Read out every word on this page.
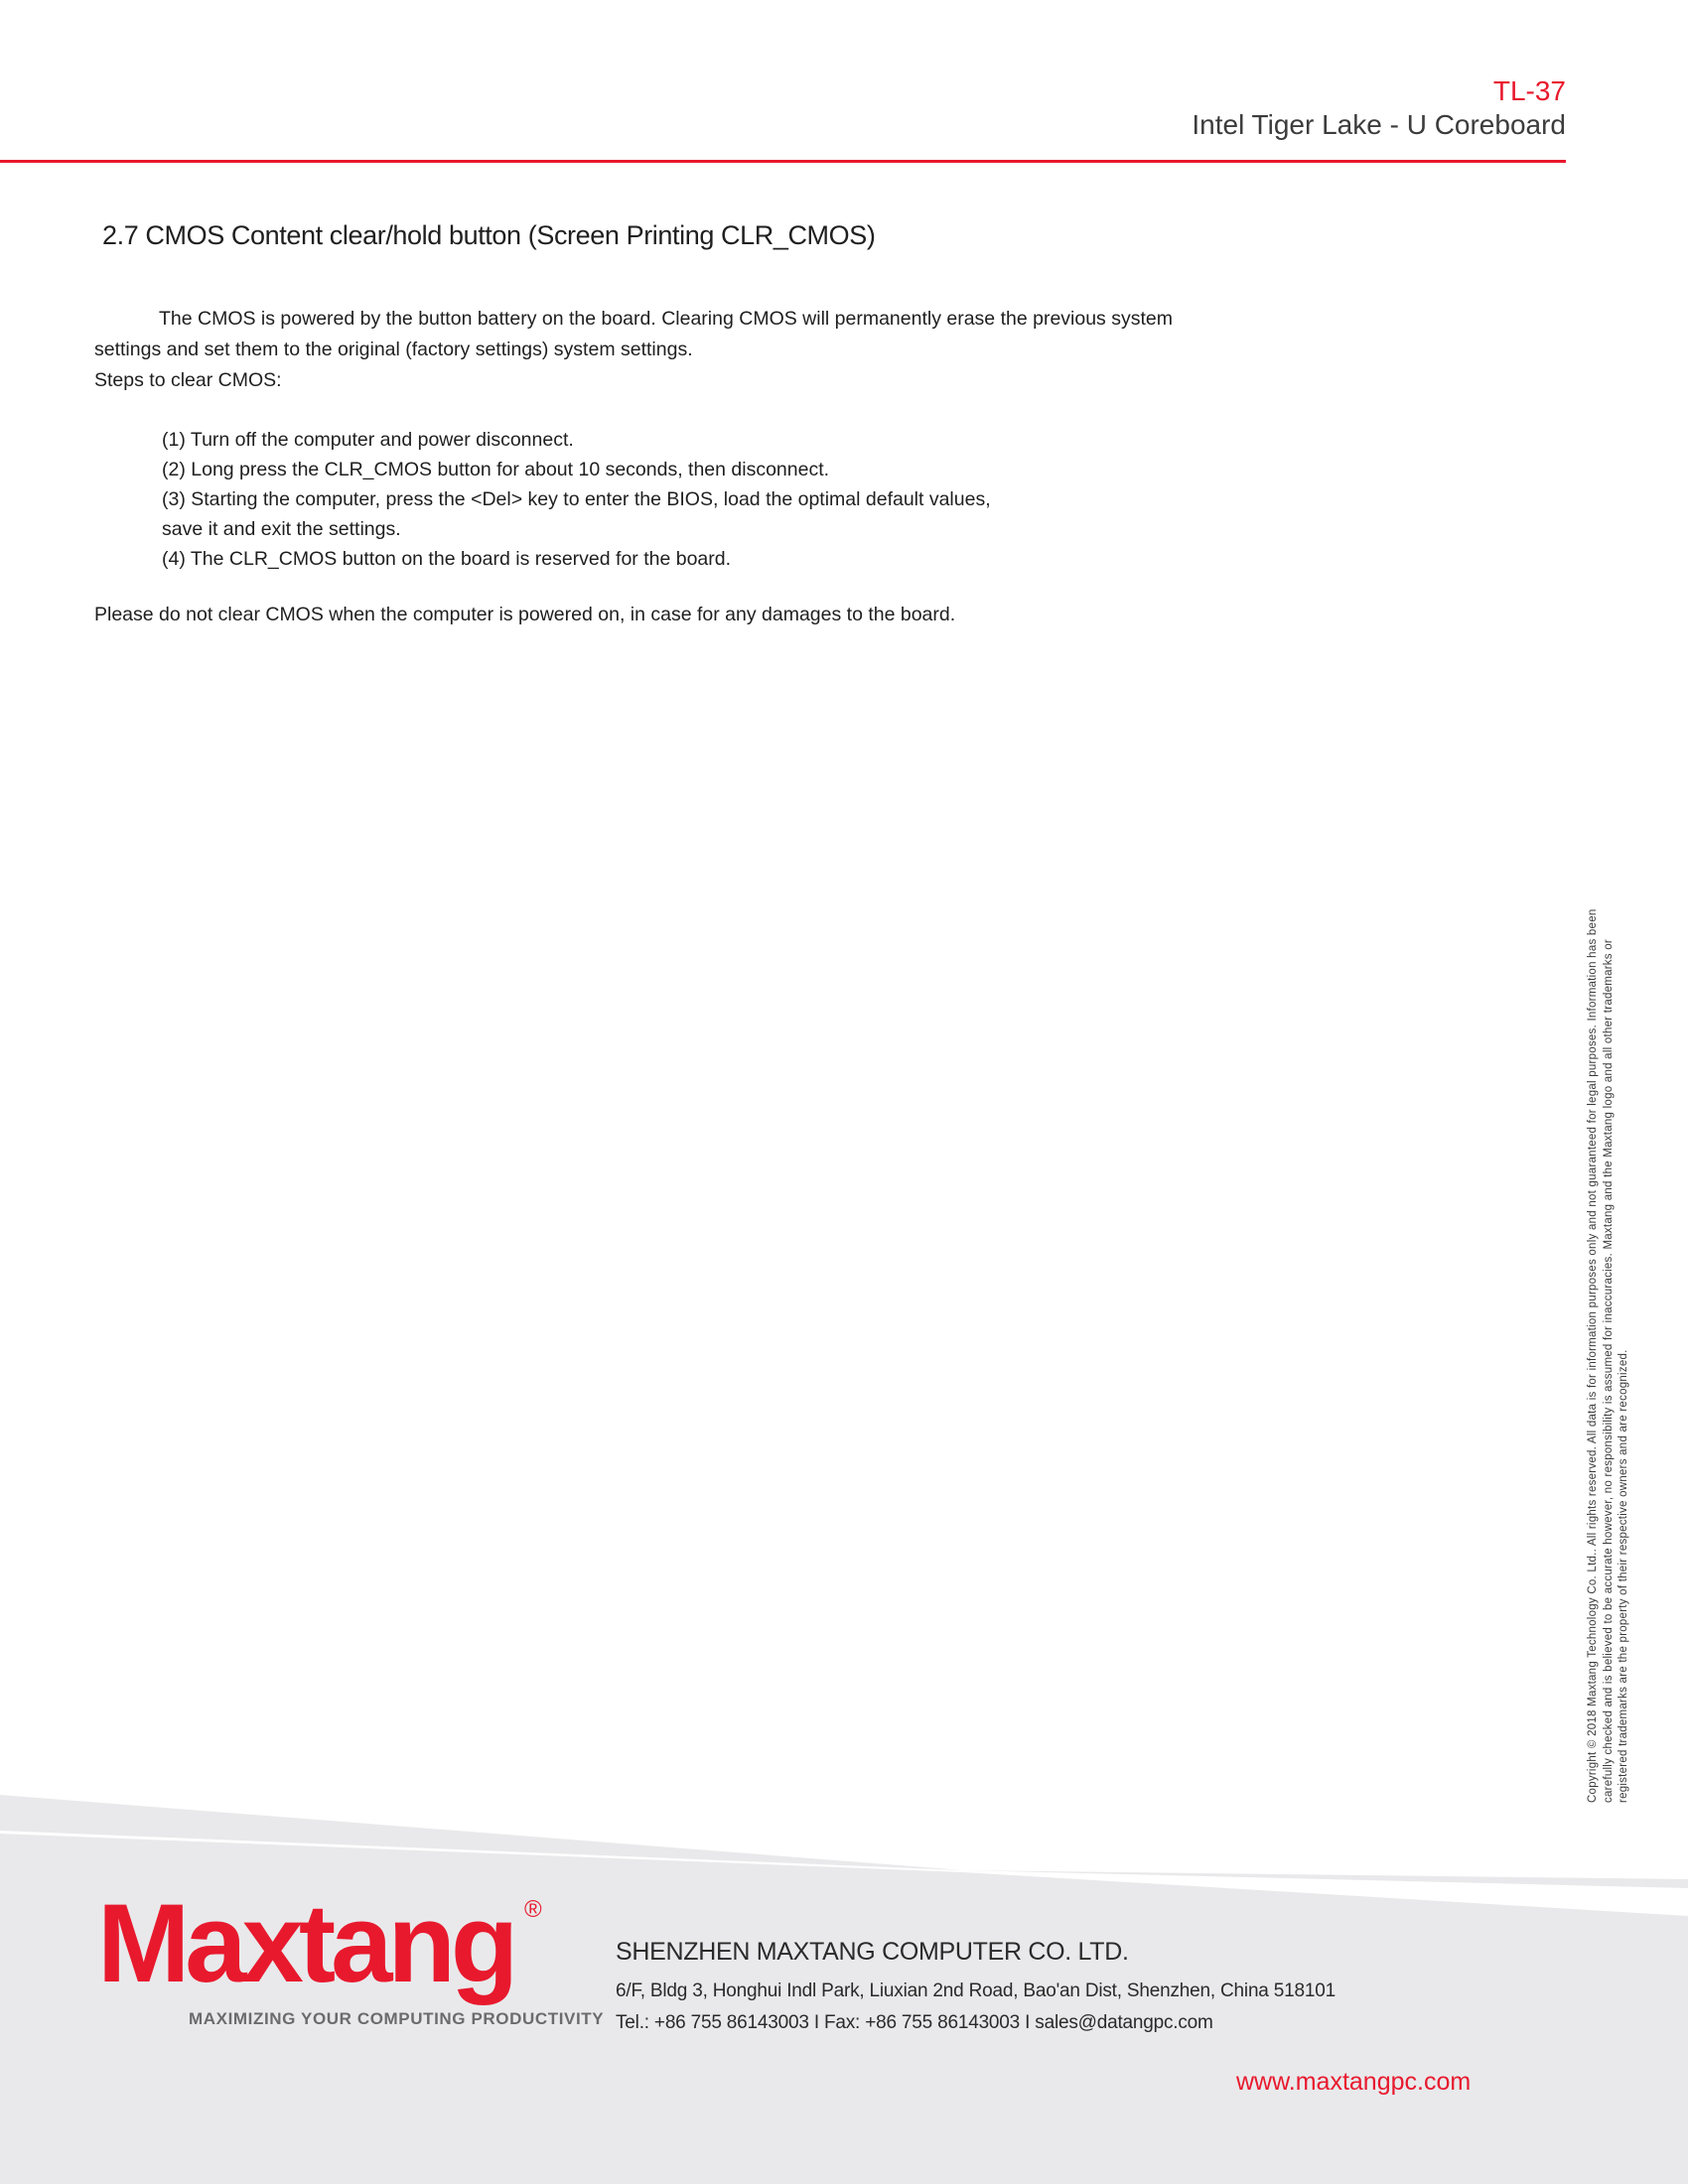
TL-37
Intel Tiger Lake - U Coreboard
2.7 CMOS Content clear/hold button (Screen Printing CLR_CMOS)
The CMOS is powered by the button battery on the board. Clearing CMOS will permanently erase the previous system
settings and set them to the original (factory settings) system settings.
Steps to clear CMOS:
(1) Turn off the computer and power disconnect.
(2) Long press the CLR_CMOS button for about 10 seconds, then disconnect.
(3) Starting the computer, press the <Del> key to enter the BIOS, load the optimal default values,
save it and exit the settings.
(4) The CLR_CMOS button on the board is reserved for the board.
Please do not clear CMOS when the computer is powered on, in case for any damages to the board.
Copyright © 2018 Maxtang Technology Co. Ltd.. All rights reserved. All data is for information purposes only and not guaranteed for legal purposes. Information has been carefully checked and is believed to be accurate however, no responsibility is assumed for inaccuracies. Maxtang and the Maxtang logo and all other trademarks or registered trademarks are the property of their respective owners and are recognized.
Maxtang ®
MAXIMIZING YOUR COMPUTING PRODUCTIVITY

SHENZHEN MAXTANG COMPUTER CO. LTD.

6/F, Bldg 3, Honghui Indl Park, Liuxian 2nd Road, Bao'an Dist, Shenzhen, China 518101

Tel.: +86 755 86143003 I Fax: +86 755 86143003 I sales@datangpc.com

www.maxtangpc.com
